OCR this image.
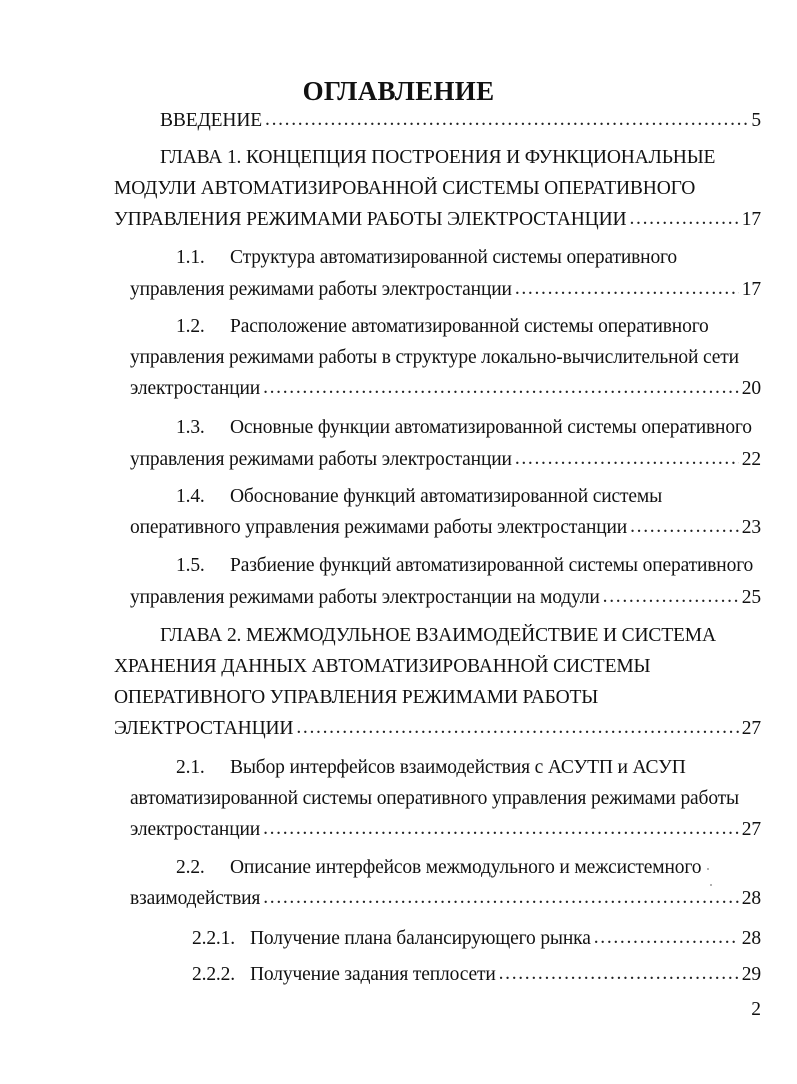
ОГЛАВЛЕНИЕ
ВВЕДЕНИЕ . . .	5
ГЛАВА 1. КОНЦЕПЦИЯ ПОСТРОЕНИЯ И ФУНКЦИОНАЛЬНЫЕ
МОДУЛИ АВТОМАТИЗИРОВАННОЙ СИСТЕМЫ ОПЕРАТИВНОГО
УПРАВЛЕНИЯ РЕЖИМАМИ РАБОТЫ ЭЛЕКТРОСТАНЦИИ . . .	17
1.1. Структура автоматизированной системы оперативного
управления режимами работы электростанции . . .	17
1.2. Расположение автоматизированной системы оперативного
управления режимами работы в структуре локально-вычислительной сети
электростанции . . .	20
1.3. Основные функции автоматизированной системы оперативного
управления режимами работы электростанции . . .	22
1.4. Обоснование функций автоматизированной системы
оперативного управления режимами работы электростанции . . .	23
1.5. Разбиение функций автоматизированной системы оперативного
управления режимами работы электростанции на модули . . .	25
ГЛАВА 2. МЕЖМОДУЛЬНОЕ ВЗАИМОДЕЙСТВИЕ И СИСТЕМА
ХРАНЕНИЯ ДАННЫХ АВТОМАТИЗИРОВАННОЙ СИСТЕМЫ
ОПЕРАТИВНОГО УПРАВЛЕНИЯ РЕЖИМАМИ РАБОТЫ
ЭЛЕКТРОСТАНЦИИ . . .	27
2.1. Выбор интерфейсов взаимодействия с АСУТП и АСУП
автоматизированной системы оперативного управления режимами работы
электростанции . . .	27
2.2. Описание интерфейсов межмодульного и межсистемного
взаимодействия . . .	28
2.2.1. Получение плана балансирующего рынка . . .	28
2.2.2. Получение задания теплосети . . .	29
2
